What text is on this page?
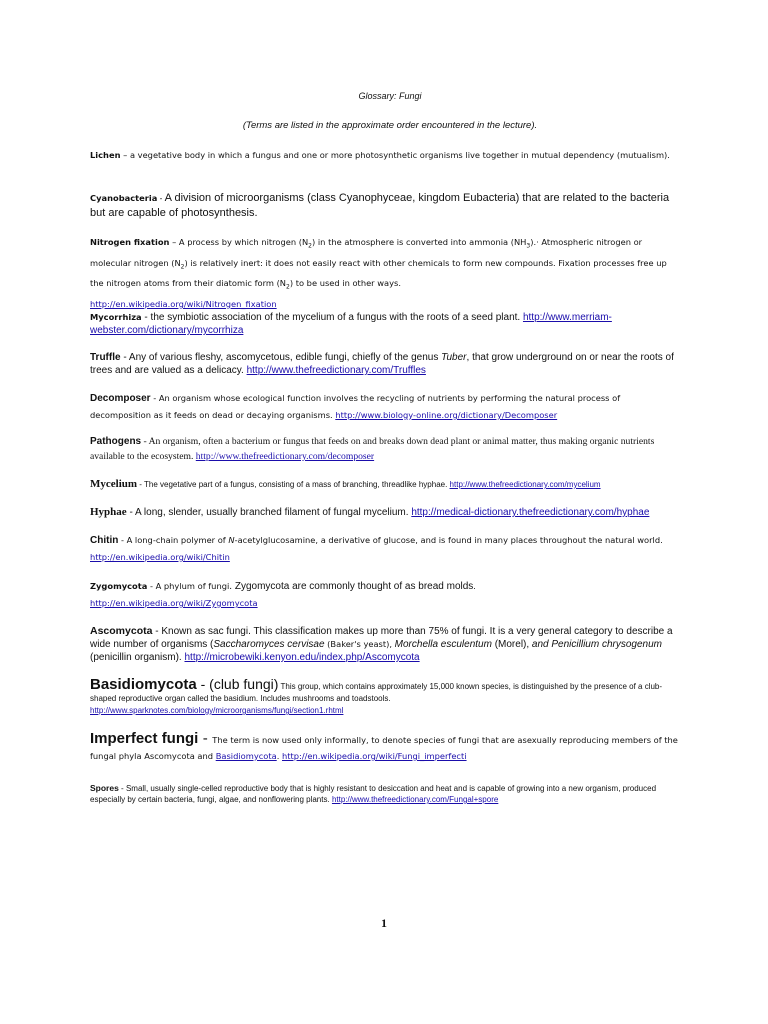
Glossary: Fungi
(Terms are listed in the approximate order encountered in the lecture).
Lichen – a vegetative body in which a fungus and one or more photosynthetic organisms live together in mutual dependency (mutualism).
Cyanobacteria - A division of microorganisms (class Cyanophyceae, kingdom Eubacteria) that are related to the bacteria but are capable of photosynthesis.
Nitrogen fixation – A process by which nitrogen $(N_2)$ in the atmosphere is converted into ammonia $(NH_3).\cdot$ Atmospheric nitrogen or molecular nitrogen $(N_2)$ is relatively inert: it does not easily react with other chemicals to form new compounds. Fixation processes free up the nitrogen atoms from their diatomic form $(N_2)$ to be used in other ways.
http://en.wikipedia.org/wiki/Nitrogen_fixation
Mycorrhiza - the symbiotic association of the mycelium of a fungus with the roots of a seed plant. http://www.merriam-webster.com/dictionary/mycorrhiza
Truffle - Any of various fleshy, ascomycetous, edible fungi, chiefly of the genus Tuber, that grow underground on or near the roots of trees and are valued as a delicacy. http://www.thefreedictionary.com/Truffles
Decomposer - An organism whose ecological function involves the recycling of nutrients by performing the natural process of decomposition as it feeds on dead or decaying organisms. http://www.biology-online.org/dictionary/Decomposer
Pathogens - An organism, often a bacterium or fungus that feeds on and breaks down dead plant or animal matter, thus making organic nutrients available to the ecosystem. http://www.thefreedictionary.com/decomposer
Mycelium - The vegetative part of a fungus, consisting of a mass of branching, threadlike hyphae. http://www.thefreedictionary.com/mycelium
Hyphae - A long, slender, usually branched filament of fungal mycelium. http://medical-dictionary.thefreedictionary.com/hyphae
Chitin - A long-chain polymer of N-acetylglucosamine, a derivative of glucose, and is found in many places throughout the natural world. http://en.wikipedia.org/wiki/Chitin
Zygomycota - A phylum of fungi. Zygomycota are commonly thought of as bread molds.
http://en.wikipedia.org/wiki/Zygomycota
Ascomycota - Known as sac fungi. This classification makes up more than 75% of fungi. It is a very general category to describe a wide number of organisms (Saccharomyces cervisae (Baker's yeast), Morchella esculentum (Morel), and Penicillium chrysogenum (penicillin organism). http://microbewiki.kenyon.edu/index.php/Ascomycota
Basidiomycota - (club fungi) This group, which contains approximately 15,000 known species, is distinguished by the presence of a club- shaped reproductive organ called the basidium. Includes mushrooms and toadstools.
http://www.sparknotes.com/biology/microorganisms/fungi/section1.rhtml
Imperfect fungi - The term is now used only informally, to denote species of fungi that are asexually reproducing members of the fungal phyla Ascomycota and Basidiomycota. http://en.wikipedia.org/wiki/Fungi_imperfecti
Spores - Small, usually single-celled reproductive body that is highly resistant to desiccation and heat and is capable of growing into a new organism, produced especially by certain bacteria, fungi, algae, and nonflowering plants. http://www.thefreedictionary.com/Fungal+spore
1
